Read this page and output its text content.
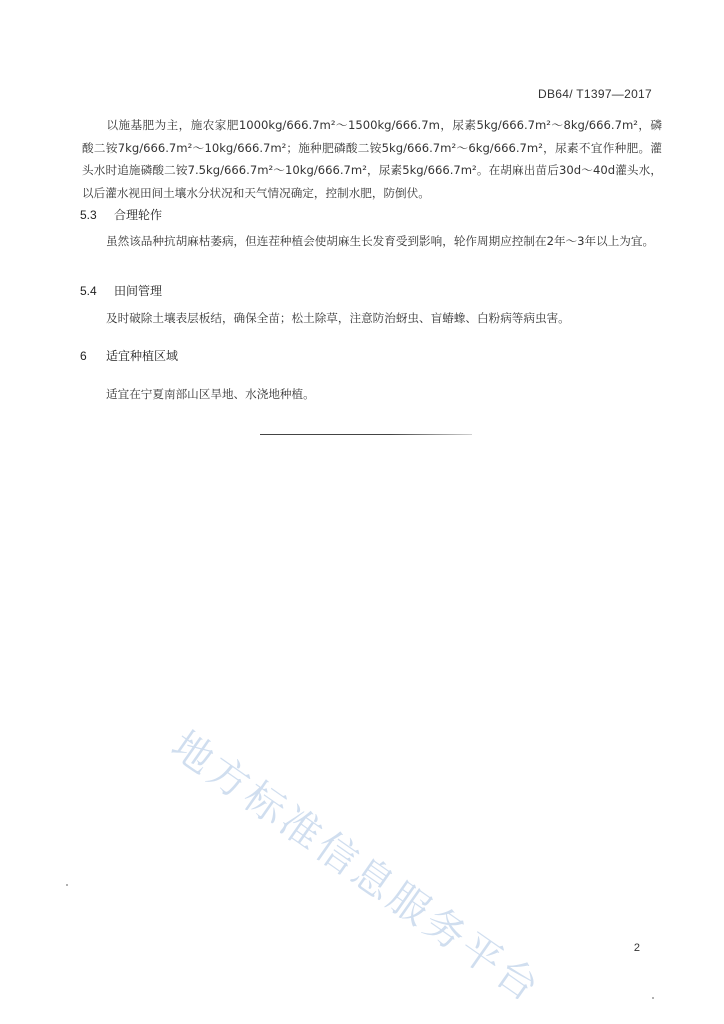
DB64/ T1397—2017
以施基肥为主，施农家肥1000kg/666.7m²～1500kg/666.7m，尿素5kg/666.7m²～8kg/666.7m²，磷酸二铵7kg/666.7m²～10kg/666.7m²；施种肥磷酸二铵5kg/666.7m²～6kg/666.7m²，尿素不宜作种肥。灌头水时追施磷酸二铵7.5kg/666.7m²～10kg/666.7m²，尿素5kg/666.7m²。在胡麻出苗后30d～40d灌头水，以后灌水视田间土壤水分状况和天气情况确定，控制水肥，防倒伏。
5.3 合理轮作
虽然该品种抗胡麻枯萎病，但连茬种植会使胡麻生长发育受到影响，轮作周期应控制在2年～3年以上为宜。
5.4 田间管理
及时破除土壤表层板结，确保全苗；松土除草，注意防治蚜虫、盲蝽蟓、白粉病等病虫害。
6 适宜种植区域
适宜在宁夏南部山区旱地、水浇地种植。
地方标准信息服务平台	2
